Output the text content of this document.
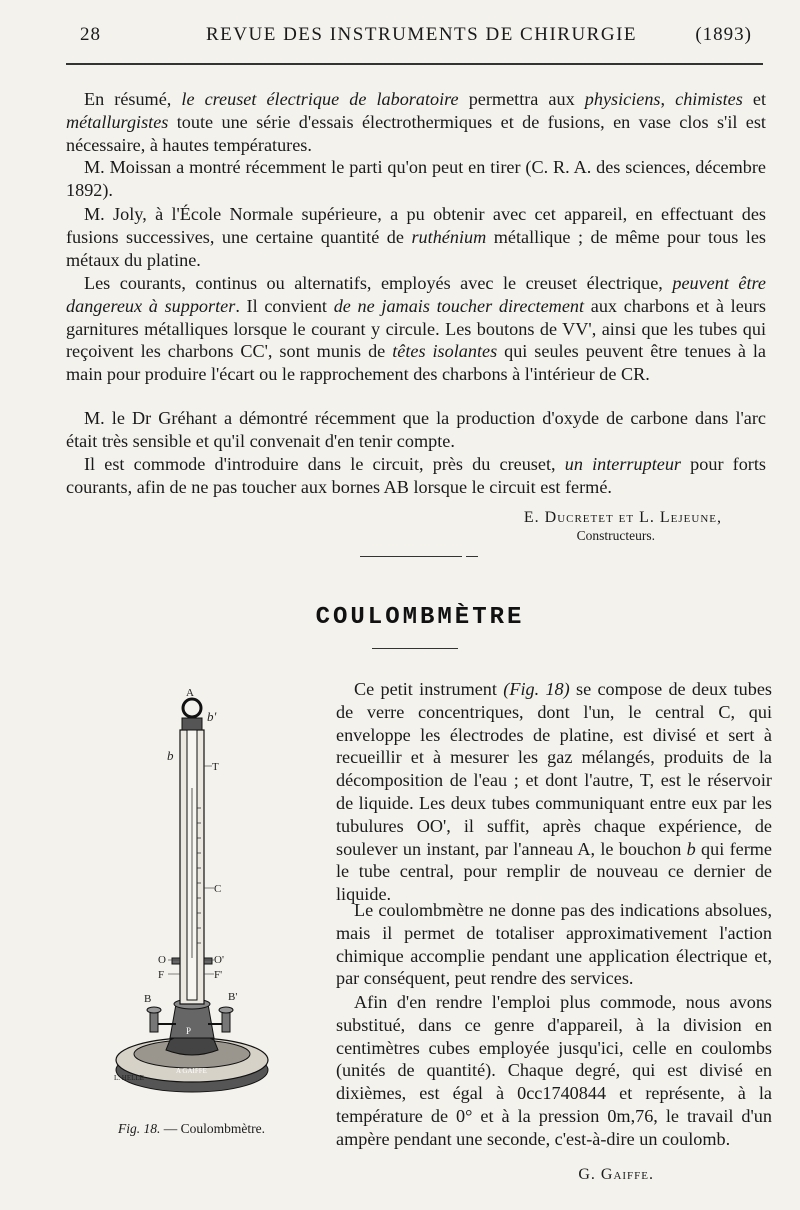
28	REVUE DES INSTRUMENTS DE CHIRURGIE	(1893)

En résumé, le creuset électrique de laboratoire permettra aux physiciens, chimistes et métallurgistes toute une série d'essais électrothermiques et de fusions, en vase clos s'il est nécessaire, à hautes températures.

M. Moissan a montré récemment le parti qu'on peut en tirer (C. R. A. des sciences, décembre 1892).

M. Joly, à l'École Normale supérieure, a pu obtenir avec cet appareil, en effectuant des fusions successives, une certaine quantité de ruthénium métallique ; de même pour tous les métaux du platine.

Les courants, continus ou alternatifs, employés avec le creuset électrique, peuvent être dangereux à supporter. Il convient de ne jamais toucher directement aux charbons et à leurs garnitures métalliques lorsque le courant y circule. Les boutons de VV', ainsi que les tubes qui reçoivent les charbons CC', sont munis de têtes isolantes qui seules peuvent être tenues à la main pour produire l'écart ou le rapprochement des charbons à l'intérieur de CR.

M. le Dr Gréhant a démontré récemment que la production d'oxyde de carbone dans l'arc était très sensible et qu'il convenait d'en tenir compte.

Il est commode d'introduire dans le circuit, près du creuset, un interrupteur pour forts courants, afin de ne pas toucher aux bornes AB lorsque le circuit est fermé.

E. Ducretet et L. Lejeune,
Constructeurs.
COULOMBMÈTRE
A GAIFFE
P
A
b'
b
T
C
O	O'
F	F'
B	B'
L. HELLE
Fig. 18. — Coulombmètre.

Ce petit instrument (Fig. 18) se compose de deux tubes de verre concentriques, dont l'un, le central C, qui enveloppe les électrodes de platine, est divisé et sert à recueillir et à mesurer les gaz mélangés, produits de la décomposition de l'eau ; et dont l'autre, T, est le réservoir de liquide. Les deux tubes communiquant entre eux par les tubulures OO', il suffit, après chaque expérience, de soulever un instant, par l'anneau A, le bouchon b qui ferme le tube central, pour remplir de nouveau ce dernier de liquide.

Le coulombmètre ne donne pas des indications absolues, mais il permet de totaliser approximativement l'action chimique accomplie pendant une application électrique et, par conséquent, peut rendre des services.

Afin d'en rendre l'emploi plus commode, nous avons substitué, dans ce genre d'appareil, à la division en centimètres cubes employée jusqu'ici, celle en coulombs (unités de quantité). Chaque degré, qui est divisé en dixièmes, est égal à 0cc1740844 et représente, à la température de 0° et à la pression 0m,76, le travail d'un ampère pendant une seconde, c'est-à-dire un coulomb.

G. Gaiffe.
